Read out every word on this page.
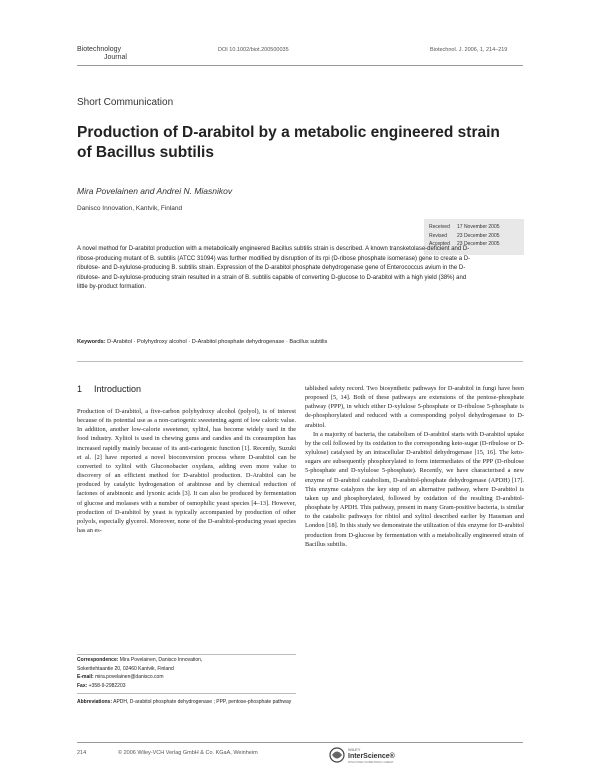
Biotechnology
Journal
DOI 10.1002/biot.200500035	Biotechnol. J. 2006, 1, 214–219
Short Communication
Production of D-arabitol by a metabolic engineered strain
of Bacillus subtilis
Mira Povelainen and Andrei N. Miasnikov
Danisco Innovation, Kantvik, Finland
Received	17 November 2005
Revised	23 December 2005
Accepted	23 December 2005
A novel method for D-arabitol production with a metabolically engineered Bacillus subtilis strain is described. A known transketolase-deficient and D-ribose-producing mutant of B. subtilis (ATCC 31094) was further modified by disruption of its rpi (D-ribose phosphate isomerase) gene to create a D-ribulose- and D-xylulose-producing B. subtilis strain. Expression of the D-arabitol phosphate dehydrogenase gene of Enterococcus avium in the D-ribulose- and D-xylulose-producing strain resulted in a strain of B. subtilis capable of converting D-glucose to D-arabitol with a high yield (38%) and little by-product formation.
Keywords: D-Arabitol · Polyhydroxy alcohol · D-Arabitol phosphate dehydrogenase · Bacillus subtilis
1 Introduction

Production of D-arabitol, a five-carbon polyhydroxy alcohol (polyol), is of interest because of its potential use as a non-cariogenic sweetening agent of low caloric value. In addition, another low-calorie sweetener, xylitol, has become widely used in the food industry. Xylitol is used in chewing gums and candies and its consumption has increased rapidly mainly because of its anti-cariogenic function [1]. Recently, Suzuki et al. [2] have reported a novel bioconversion process where D-arabitol can be converted to xylitol with Gluconobacter oxydans, adding even more value to discovery of an efficient method for D-arabitol production. D-Arabitol can be produced by catalytic hydrogenation of arabinose and by chemical reduction of lactones of arabinonic and lyxonic acids [3]. It can also be produced by fermentation of glucose and molasses with a number of osmophilic yeast species [4–13]. However, production of D-arabitol by yeast is typically accompanied by production of other polyols, especially glycerol. Moreover, none of the D-arabitol-producing yeast species has an es-

tablished safety record. Two biosynthetic pathways for D-arabitol in fungi have been proposed [5, 14]. Both of these pathways are extensions of the pentose-phosphate pathway (PPP), in which either D-xylulose 5-phosphate or D-ribulose 5-phosphate is de-phosphorylated and reduced with a corresponding polyol dehydrogenase to D-arabitol.

In a majority of bacteria, the catabolism of D-arabitol starts with D-arabitol uptake by the cell followed by its oxidation to the corresponding keto-sugar (D-ribulose or D-xylulose) catalysed by an intracellular D-arabitol dehydrogenase [15, 16]. The keto-sugars are subsequently phosphorylated to form intermediates of the PPP (D-ribulose 5-phosphate and D-xylulose 5-phosphate). Recently, we have characterised a new enzyme of D-arabitol catabolism, D-arabitol-phosphate dehydrogenase (APDH) [17]. This enzyme catalyzes the key step of an alternative pathway, where D-arabitol is taken up and phosphorylated, followed by oxidation of the resulting D-arabitol-phosphate by APDH. This pathway, present in many Gram-positive bacteria, is similar to the catabolic pathways for ribitol and xylitol described earlier by Hausman and London [18]. In this study we demonstrate the utilization of this enzyme for D-arabitol production from D-glucose by fermentation with a metabolically engineered strain of Bacillus subtilis.

Correspondence: Mira Povelainen, Danisco Innovation,
Sokeritehtaantie 20, 02460 Kantvik, Finland
E-mail: mira.povelainen@danisco.com
Fax: +358-9-2982203
Abbreviations: APDH, D-arabitol phosphate dehydrogenase ; PPP, pentose-phosphate pathway
214	© 2006 Wiley-VCH Verlag GmbH & Co. KGaA, Weinheim
WILEY
InterScience®
DISCOVER SOMETHING GREAT
